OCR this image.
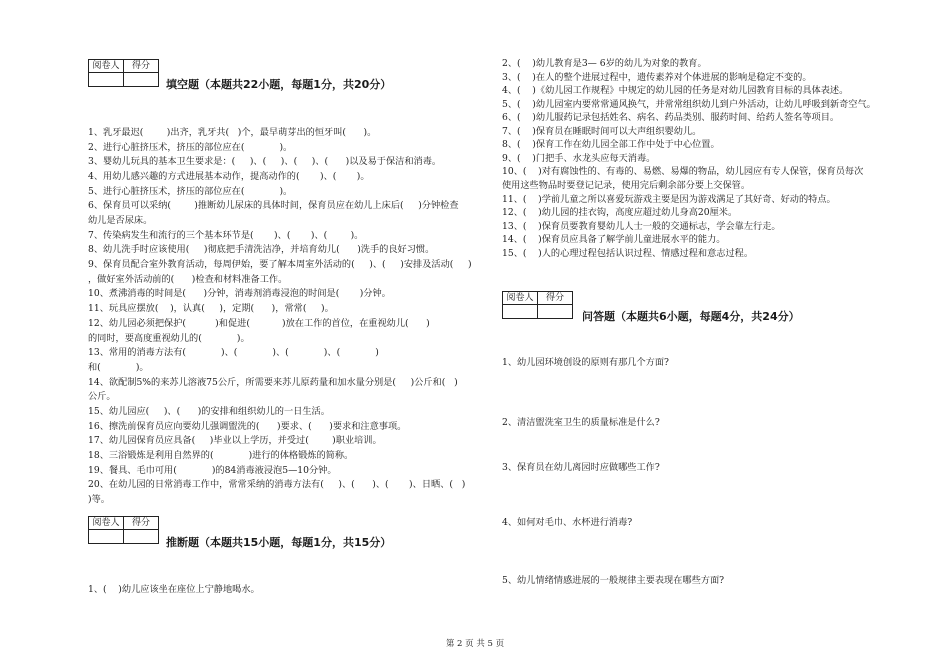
阅卷人	得分

填空题（本题共22小题，每题1分，共20分）
1、乳牙最迟(        )出齐，乳牙共(   )个，最早萌芽出的恒牙叫(      )。
2、进行心脏挤压术，挤压的部位应在(            )。
3、婴幼儿玩具的基本卫生要求是：(     )、(     )、(     )、(      )以及易于保洁和消毒。
4、用幼儿感兴趣的方式进展基本动作，提高动作的(       )、(       )。
5、进行心脏挤压术，挤压的部位应在(            )。
6、保育员可以采纳(        )推断幼儿尿床的具体时间，保育员应在幼儿上床后(     )分钟检查
幼儿是否尿床。
7、传染病发生和流行的三个基本环节是(       )、(       )、(        )。
8、幼儿洗手时应该使用(     )彻底把手清洗洁净，并培育幼儿(      )洗手的良好习惯。
9、保育员配合室外教育活动，每周伊始，要了解本周室外活动的(     )、(     )安排及活动(     )
，做好室外活动前的(      )检查和材料准备工作。
10、煮沸消毒的时间是(      )分钟，消毒剂消毒浸泡的时间是(       )分钟。
11、玩具应摆放(    )，认真(     )，定期(      )，常常(     )。
12、幼儿园必须把保护(          )和促进(           )放在工作的首位，在重视幼儿(      )
的同时，要高度重视幼儿的(            )。
13、常用的消毒方法有(            )、(            )、(            )、(            )
和(            )。
14、欲配制5%的来苏儿溶液75公斤，所需要来苏儿原药量和加水量分别是(     )公斤和(   )
公斤。
15、幼儿园应(     )、(      )的安排和组织幼儿的一日生活。
16、擦洗前保育员应向要幼儿强调盥洗的(      )要求、(      )要求和注意事项。
17、幼儿园保育员应具备(     )毕业以上学历，并受过(        )职业培训。
18、三浴锻炼是利用自然界的(            )进行的体格锻炼的简称。
19、餐具、毛巾可用(            )的84消毒液浸泡5—10分钟。
20、在幼儿园的日常消毒工作中，常常采纳的消毒方法有(     )、(      )、(       )、日晒、(   )
)等。
阅卷人	得分

推断题（本题共15小题，每题1分，共15分）
1、(    )幼儿应该坐在座位上宁静地喝水。
2、(    )幼儿教育是3— 6岁的幼儿为对象的教育。
3、(    )在人的整个进展过程中，遗传素养对个体进展的影响是稳定不变的。
4、(    )《幼儿园工作规程》中规定的幼儿园的任务是对幼儿园教育目标的具体表述。
5、(    )幼儿园室内要常常通风换气，并常常组织幼儿到户外活动，让幼儿呼吸到新奇空气。
6、(    )幼儿服药记录包括姓名、病名、药品类别、服药时间、给药人签名等项目。
7、(    )保育员在睡眠时间可以大声组织婴幼儿。
8、(    )保育工作在幼儿园全部工作中处于中心位置。
9、(    )门把手、水龙头应每天消毒。
10、(    )对有腐蚀性的、有毒的、易燃、易爆的物品，幼儿园应有专人保管，保育员每次
使用这些物品时要登记记录，使用完后剩余部分要上交保管。
11、(    )学前儿童之所以喜爱玩游戏主要是因为游戏满足了其好奇、好动的特点。
12、(    )幼儿园的挂衣钩，高度应超过幼儿身高20厘米。
13、(    )保育员要教育婴幼儿人士一般的交通标志，学会靠左行走。
14、(    )保育员应具备了解学前儿童进展水平的能力。
15、(    )人的心理过程包括认识过程、情感过程和意志过程。
阅卷人	得分

问答题（本题共6小题，每题4分，共24分）
1、幼儿园环境创设的原则有那几个方面?
2、清洁盥洗室卫生的质量标准是什么?
3、保育员在幼儿离园时应做哪些工作?
4、如何对毛巾、水杯进行消毒?
5、幼儿情绪情感进展的一般规律主要表现在哪些方面?
第 2 页 共 5 页
